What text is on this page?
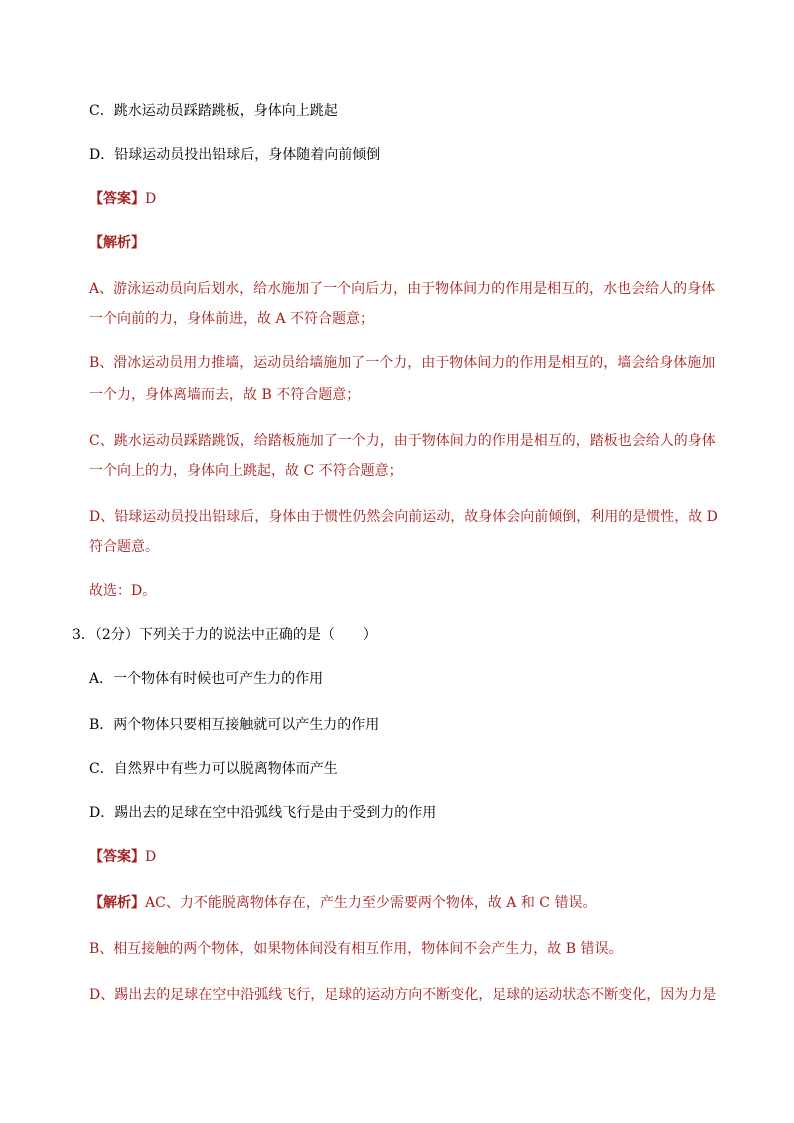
C．跳水运动员踩踏跳板，身体向上跳起
D．铅球运动员投出铅球后，身体随着向前倾倒
【答案】D
【解析】
A、游泳运动员向后划水，给水施加了一个向后力，由于物体间力的作用是相互的，水也会给人的身体
一个向前的力，身体前进，故 A 不符合题意；
B、滑冰运动员用力推墙，运动员给墙施加了一个力，由于物体间力的作用是相互的，墙会给身体施加
一个力，身体离墙而去，故 B 不符合题意；
C、跳水运动员踩踏跳饭，给踏板施加了一个力，由于物体间力的作用是相互的，踏板也会给人的身体
一个向上的力，身体向上跳起，故 C 不符合题意；
D、铅球运动员投出铅球后，身体由于惯性仍然会向前运动，故身体会向前倾倒，利用的是惯性，故 D
符合题意。
故选：D。
3．（2分）下列关于力的说法中正确的是（　　）
A．一个物体有时候也可产生力的作用
B．两个物体只要相互接触就可以产生力的作用
C．自然界中有些力可以脱离物体而产生
D．踢出去的足球在空中沿弧线飞行是由于受到力的作用
【答案】D
【解析】AC、力不能脱离物体存在，产生力至少需要两个物体，故 A 和 C 错误。
B、相互接触的两个物体，如果物体间没有相互作用，物体间不会产生力，故 B 错误。
D、踢出去的足球在空中沿弧线飞行，足球的运动方向不断变化，足球的运动状态不断变化，因为力是
